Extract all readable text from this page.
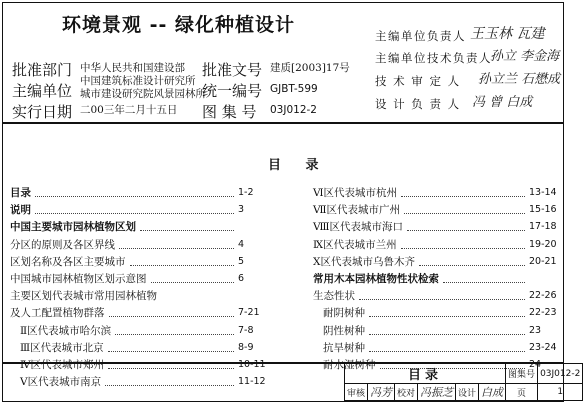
环境景观 -- 绿化种植设计
批准部门 中华人民共和国建设部 批准文号 建质[2003]17号
主编单位
中国建筑标准设计研究所
城市建设研究院风景园林所
统一编号 GJBT-599
实行日期 二00三年二月十五日 图 集 号 03J012-2
主编单位负责人 王玉林 瓦建
主编单位技术负责人
孙立 李金海
技 术 审 定 人 孙立兰 石懋成
设 计 负 责 人 冯 曾 白成
目 录
目录	1-2
说明	3
中国主要城市园林植物区划
分区的原则及各区界线	4
区划名称及各区主要城市	5
中国城市园林植物区划示意图	6
主要区划代表城市常用园林植物
及人工配置植物群落	7-21
Ⅱ区代表城市哈尔滨	7-8
Ⅲ区代表城市北京	8-9
Ⅳ区代表城市郑州	10-11
Ⅴ区代表城市南京	11-12
Ⅵ区代表城市杭州	13-14
Ⅶ区代表城市广州	15-16
Ⅷ区代表城市海口	17-18
Ⅸ区代表城市兰州	19-20
Ⅹ区代表城市乌鲁木齐	20-21
常用木本园林植物性状检索
生态性状	22-26
耐阴树种	22-23
阴性树种	23
抗旱树种	23-24
耐水湿树种	24
目录						图集号	03J012-2
审核	冯芳	校对	冯振芝	设计	白成	页	1
